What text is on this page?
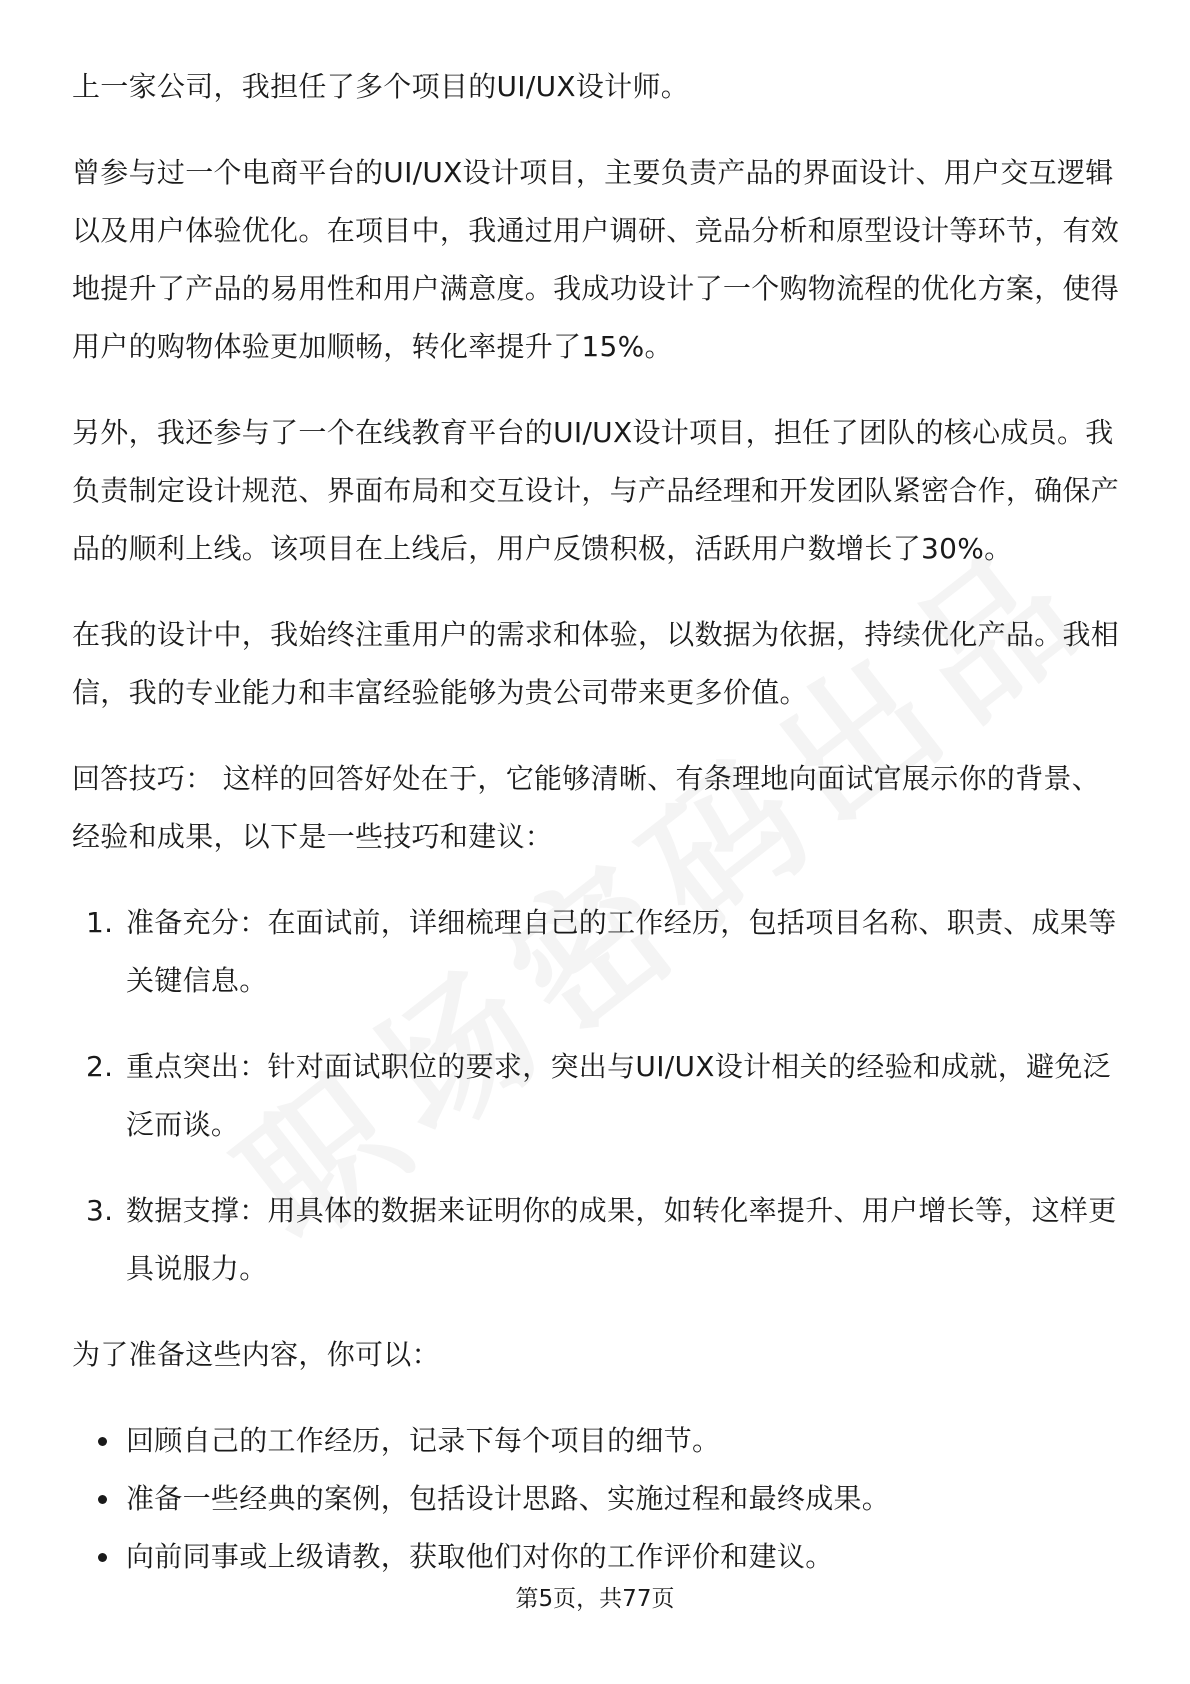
上一家公司，我担任了多个项目的UI/UX设计师。

曾参与过一个电商平台的UI/UX设计项目，主要负责产品的界面设计、用户交互逻辑以及用户体验优化。在项目中，我通过用户调研、竞品分析和原型设计等环节，有效地提升了产品的易用性和用户满意度。我成功设计了一个购物流程的优化方案，使得用户的购物体验更加顺畅，转化率提升了15%。

另外，我还参与了一个在线教育平台的UI/UX设计项目，担任了团队的核心成员。我负责制定设计规范、界面布局和交互设计，与产品经理和开发团队紧密合作，确保产品的顺利上线。该项目在上线后，用户反馈积极，活跃用户数增长了30%。

在我的设计中，我始终注重用户的需求和体验，以数据为依据，持续优化产品。我相信，我的专业能力和丰富经验能够为贵公司带来更多价值。

回答技巧： 这样的回答好处在于，它能够清晰、有条理地向面试官展示你的背景、经验和成果，以下是一些技巧和建议：

1. 准备充分：在面试前，详细梳理自己的工作经历，包括项目名称、职责、成果等关键信息。
2. 重点突出：针对面试职位的要求，突出与UI/UX设计相关的经验和成就，避免泛泛而谈。
3. 数据支撑：用具体的数据来证明你的成果，如转化率提升、用户增长等，这样更具说服力。

为了准备这些内容，你可以：

回顾自己的工作经历，记录下每个项目的细节。
准备一些经典的案例，包括设计思路、实施过程和最终成果。
向前同事或上级请教，获取他们对你的工作评价和建议。
第5页，共77页
